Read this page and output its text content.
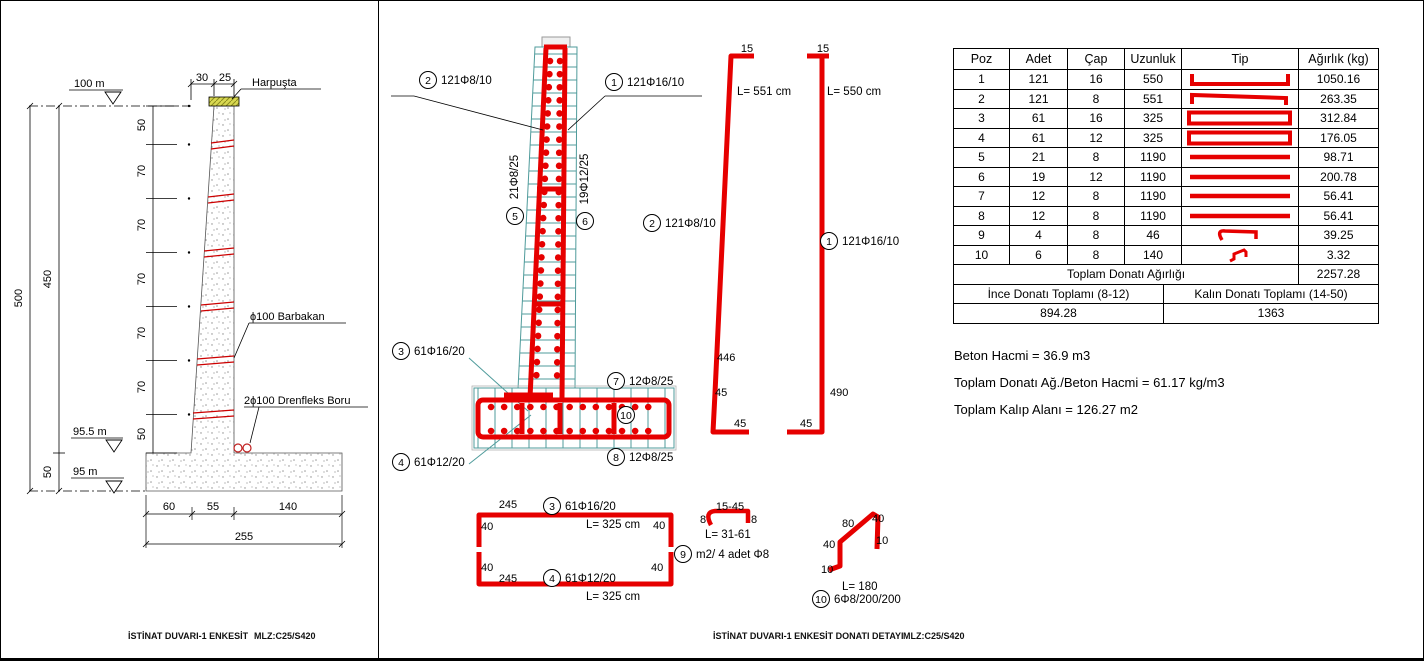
500
450
50
50
70
70
70
70
70
50
100 m
95.5 m
95 m
30 25 Harpuşta
ϕ100 Barbakan
2ϕ100 Drenfleks Boru
60	55	140
255
2 121Φ8/10	1 121Φ16/10
5
21Φ8/25
6
19Φ12/25
3 61Φ16/20
4 61Φ12/20
7 12Φ8/25
8 12Φ8/25
10
15
L= 551 cm
446
45
45
2 121Φ8/10
15
L= 550 cm
490
45
1 121Φ16/10
245	3 61Φ16/20
L= 325 cm
40	40
40	40
245	4 61Φ12/20
L= 325 cm
15-45
8	8
L= 31-61
9 m2/ 4 adet Φ8
80 40
40	10
10
L= 180
10 6Φ8/200/200
Poz	Adet	Çap	Uzunluk	Tip	Ağırlık (kg)
1	121	16	550	1050.16
2	121	8	551	263.35
3	61	16	325	312.84
4	61	12	325	176.05
5	21	8	1190	98.71
6	19	12	1190	200.78
7	12	8	1190	56.41
8	12	8	1190	56.41
9	4	8	46	39.25
10	6	8	140	3.32
Toplam Donatı Ağırlığı	2257.28
İnce Donatı Toplamı (8-12)	Kalın Donatı Toplamı (14-50)
894.28	1363
Beton Hacmi = 36.9 m3
Toplam Donatı Ağ./Beton Hacmi = 61.17 kg/m3
Toplam Kalıp Alanı = 126.27 m2
İSTİNAT DUVARI-1 ENKESİT MLZ:C25/S420	İSTİNAT DUVARI-1 ENKESİT DONATI DETAYI MLZ:C25/S420
